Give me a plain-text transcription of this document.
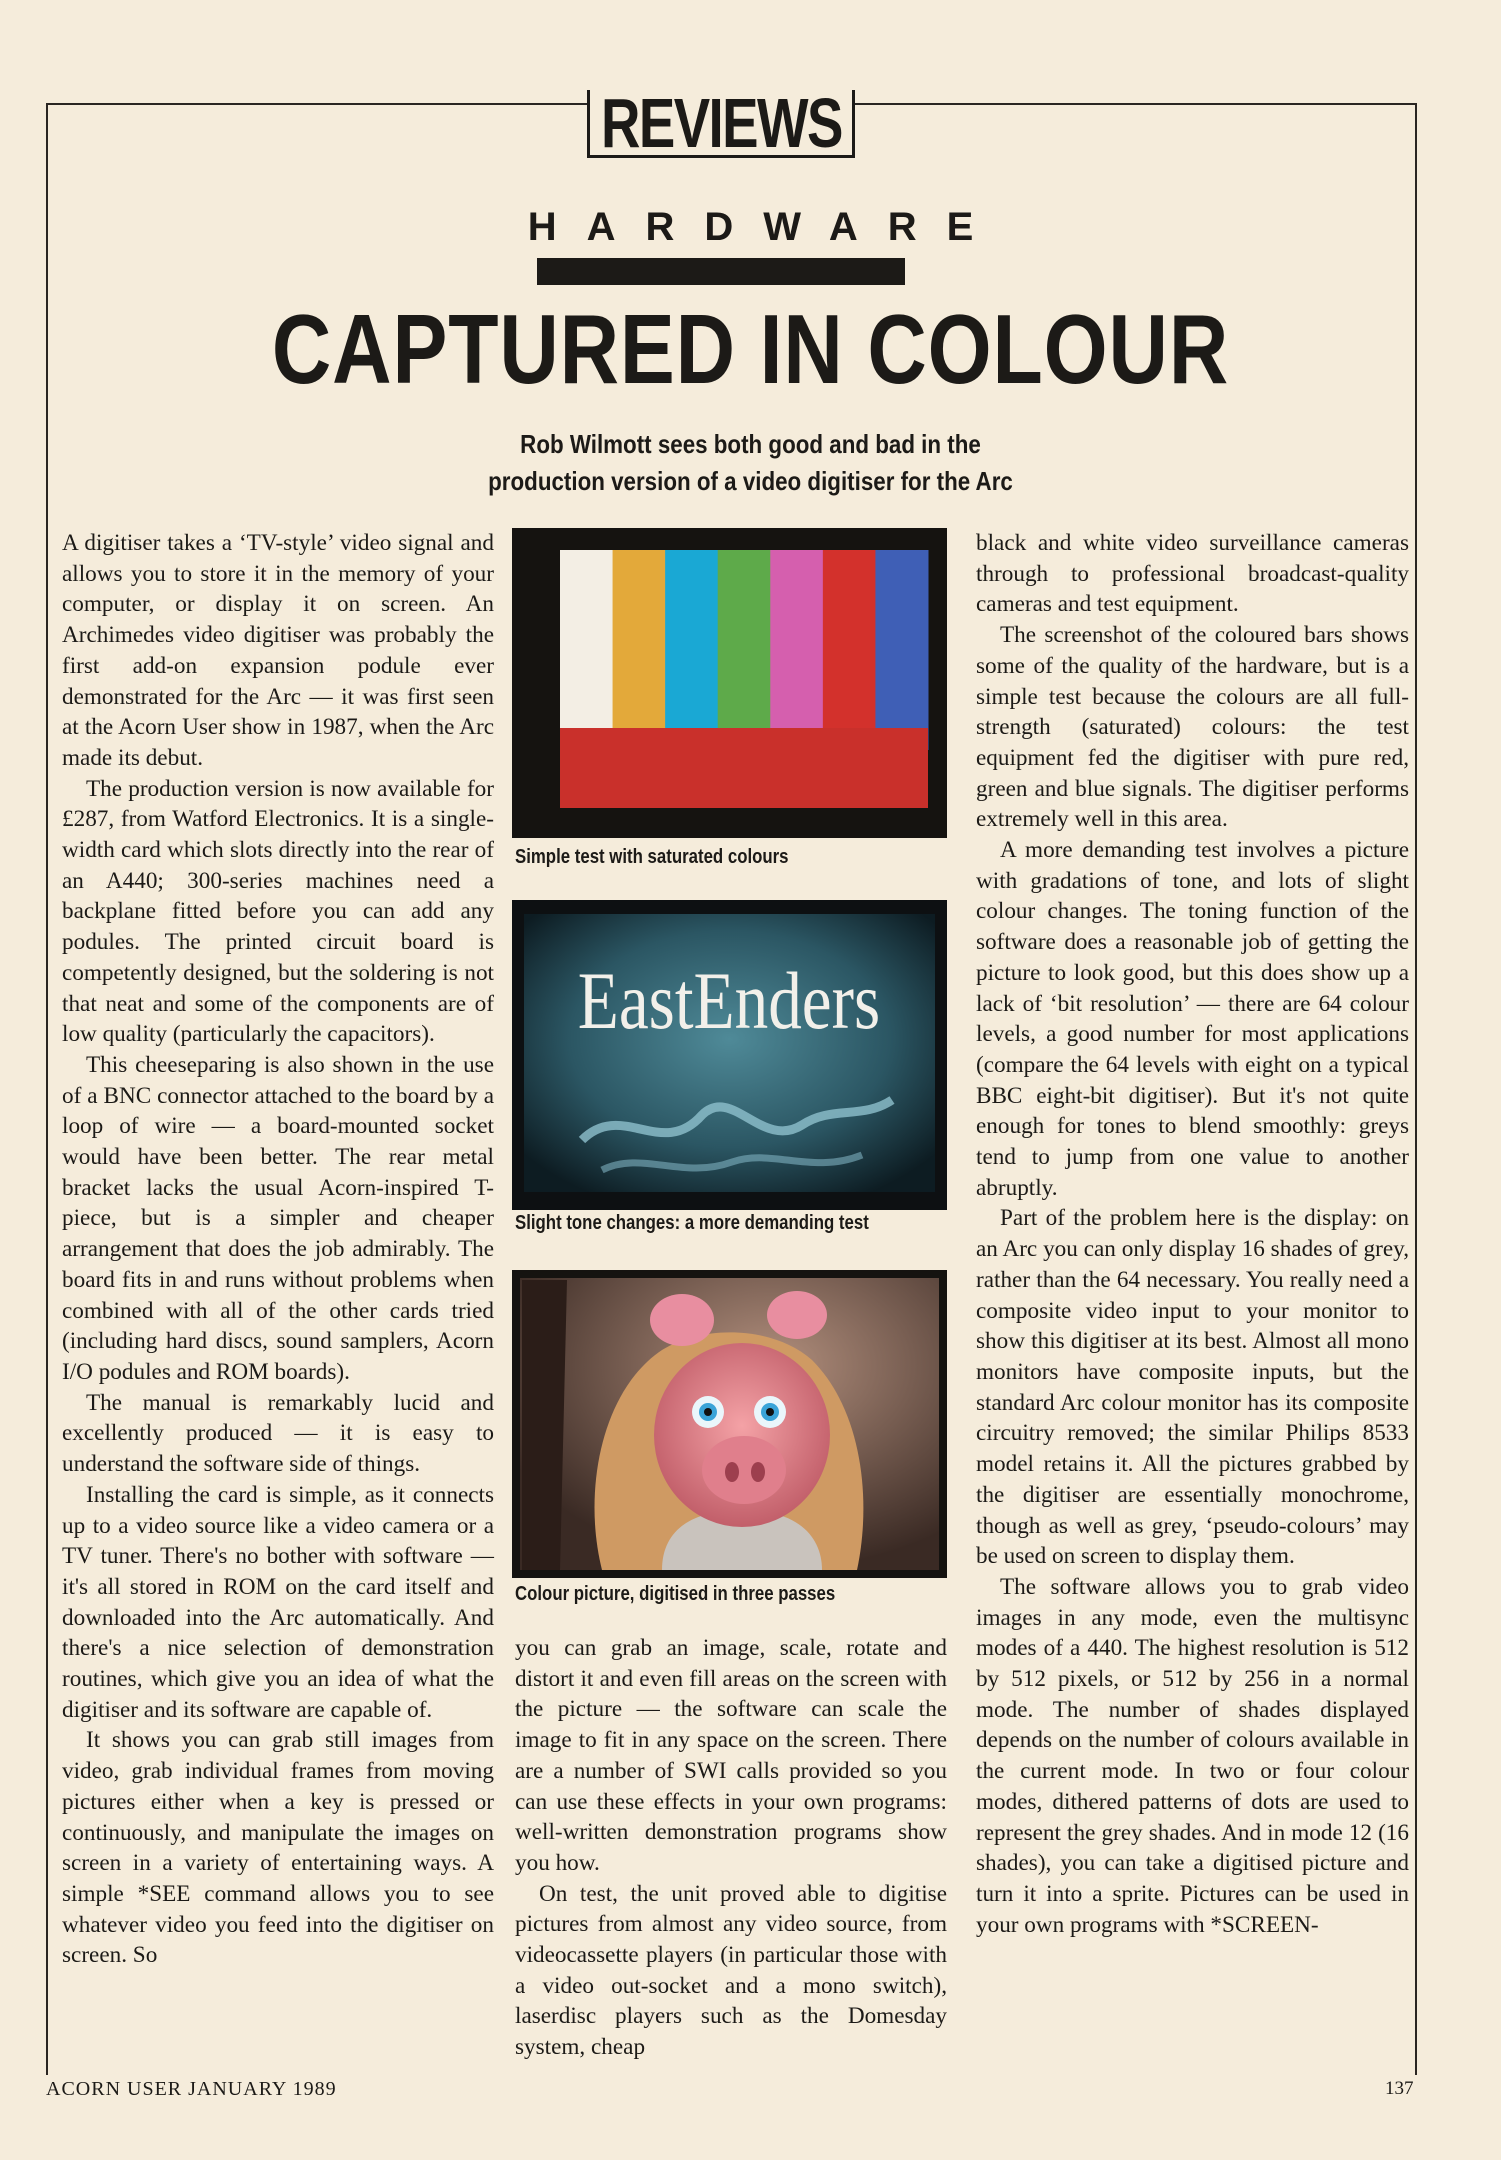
REVIEWS
HARDWARE
CAPTURED IN COLOUR
Rob Wilmott sees both good and bad in the
production version of a video digitiser for the Arc

A digitiser takes a ‘TV-style’ video signal and allows you to store it in the memory of your computer, or display it on screen. An Archimedes video digitiser was probably the first add-on expansion podule ever demonstrated for the Arc — it was first seen at the Acorn User show in 1987, when the Arc made its debut.

The production version is now available for £287, from Watford Electronics. It is a single-width card which slots directly into the rear of an A440; 300-series machines need a backplane fitted before you can add any podules. The printed circuit board is competently designed, but the soldering is not that neat and some of the components are of low quality (particularly the capacitors).

This cheeseparing is also shown in the use of a BNC connector attached to the board by a loop of wire — a board-mounted socket would have been better. The rear metal bracket lacks the usual Acorn-inspired T-piece, but is a simpler and cheaper arrangement that does the job admirably. The board fits in and runs without problems when combined with all of the other cards tried (including hard discs, sound samplers, Acorn I/O podules and ROM boards).

The manual is remarkably lucid and excellently produced — it is easy to understand the software side of things.

Installing the card is simple, as it connects up to a video source like a video camera or a TV tuner. There's no bother with software — it's all stored in ROM on the card itself and downloaded into the Arc automatically. And there's a nice selection of demonstration routines, which give you an idea of what the digitiser and its software are capable of.

It shows you can grab still images from video, grab individual frames from moving pictures either when a key is pressed or continuously, and manipulate the images on screen in a variety of entertaining ways. A simple *SEE command allows you to see whatever video you feed into the digitiser on screen. So

Simple test with saturated colours
EastEnders
Slight tone changes: a more demanding test
Colour picture, digitised in three passes

you can grab an image, scale, rotate and distort it and even fill areas on the screen with the picture — the software can scale the image to fit in any space on the screen. There are a number of SWI calls provided so you can use these effects in your own programs: well-written demonstration programs show you how.

On test, the unit proved able to digitise pictures from almost any video source, from videocassette players (in particular those with a video out-socket and a mono switch), laserdisc players such as the Domesday system, cheap

black and white video surveillance cameras through to professional broadcast-quality cameras and test equipment.

The screenshot of the coloured bars shows some of the quality of the hardware, but is a simple test because the colours are all full-strength (saturated) colours: the test equipment fed the digitiser with pure red, green and blue signals. The digitiser performs extremely well in this area.

A more demanding test involves a picture with gradations of tone, and lots of slight colour changes. The toning function of the software does a reasonable job of getting the picture to look good, but this does show up a lack of ‘bit resolution’ — there are 64 colour levels, a good number for most applications (compare the 64 levels with eight on a typical BBC eight-bit digitiser). But it's not quite enough for tones to blend smoothly: greys tend to jump from one value to another abruptly.

Part of the problem here is the display: on an Arc you can only display 16 shades of grey, rather than the 64 necessary. You really need a composite video input to your monitor to show this digitiser at its best. Almost all mono monitors have composite inputs, but the standard Arc colour monitor has its composite circuitry removed; the similar Philips 8533 model retains it. All the pictures grabbed by the digitiser are essentially monochrome, though as well as grey, ‘pseudo-colours’ may be used on screen to display them.

The software allows you to grab video images in any mode, even the multisync modes of a 440. The highest resolution is 512 by 512 pixels, or 512 by 256 in a normal mode. The number of shades displayed depends on the number of colours available in the current mode. In two or four colour modes, dithered patterns of dots are used to represent the grey shades. And in mode 12 (16 shades), you can take a digitised picture and turn it into a sprite. Pictures can be used in your own programs with *SCREEN-

ACORN USER JANUARY 1989	137
